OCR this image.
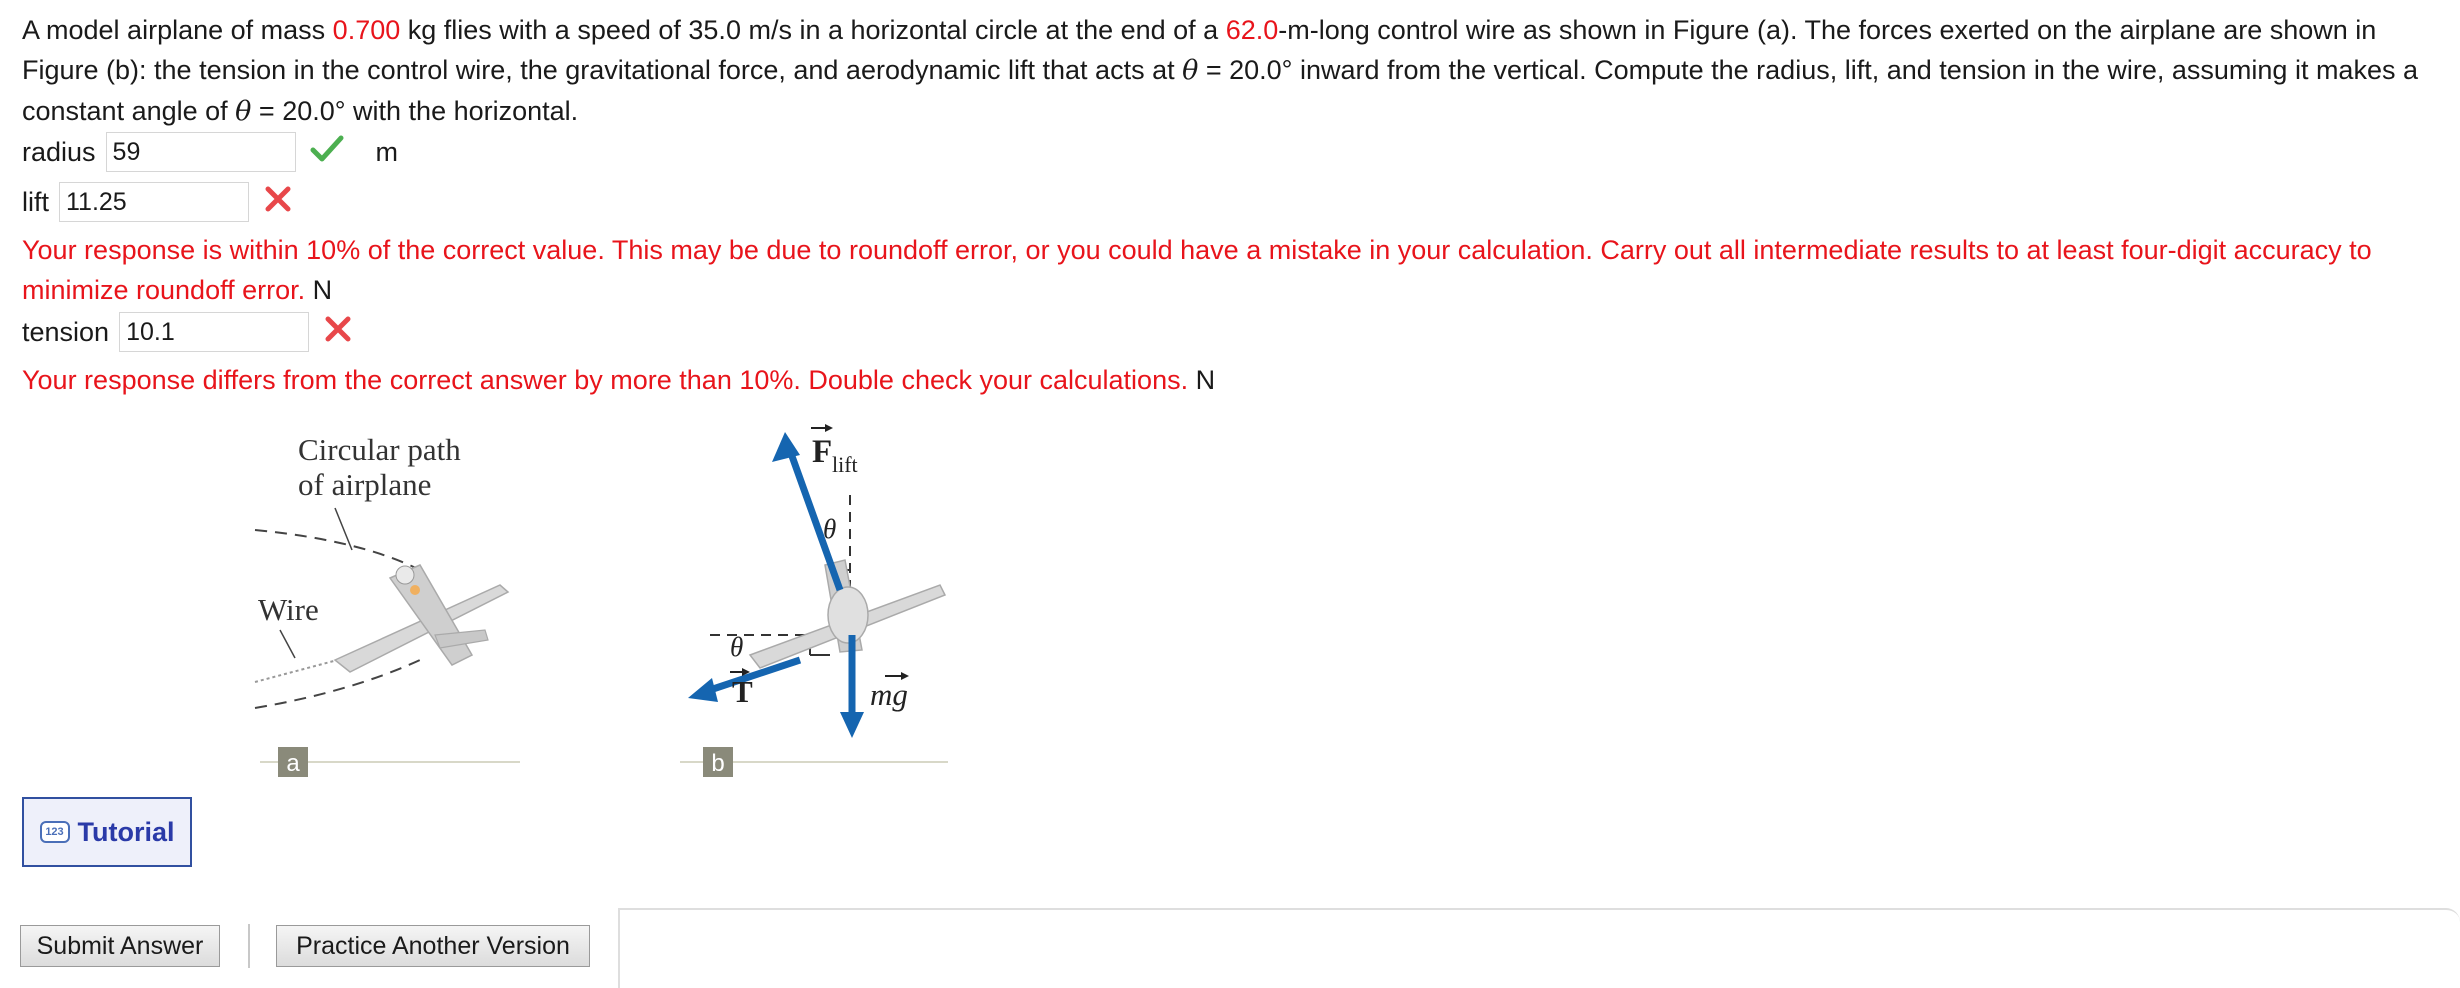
A model airplane of mass 0.700 kg flies with a speed of 35.0 m/s in a horizontal circle at the end of a 62.0-m-long control wire as shown in Figure (a). The forces exerted on the airplane are shown in Figure (b): the tension in the control wire, the gravitational force, and aerodynamic lift that acts at θ = 20.0° inward from the vertical. Compute the radius, lift, and tension in the wire, assuming it makes a constant angle of θ = 20.0° with the horizontal.
radius
59	m
lift
11.25
Your response is within 10% of the correct value. This may be due to roundoff error, or you could have a mistake in your calculation. Carry out all intermediate results to at least four-digit accuracy to minimize roundoff error. N
tension
10.1
Your response differs from the correct answer by more than 10%. Double check your calculations. N
Circular path
of airplane
Wire
a
F lift
θ
θ
T	mg
b
123 Tutorial
Submit Answer	Practice Another Version
